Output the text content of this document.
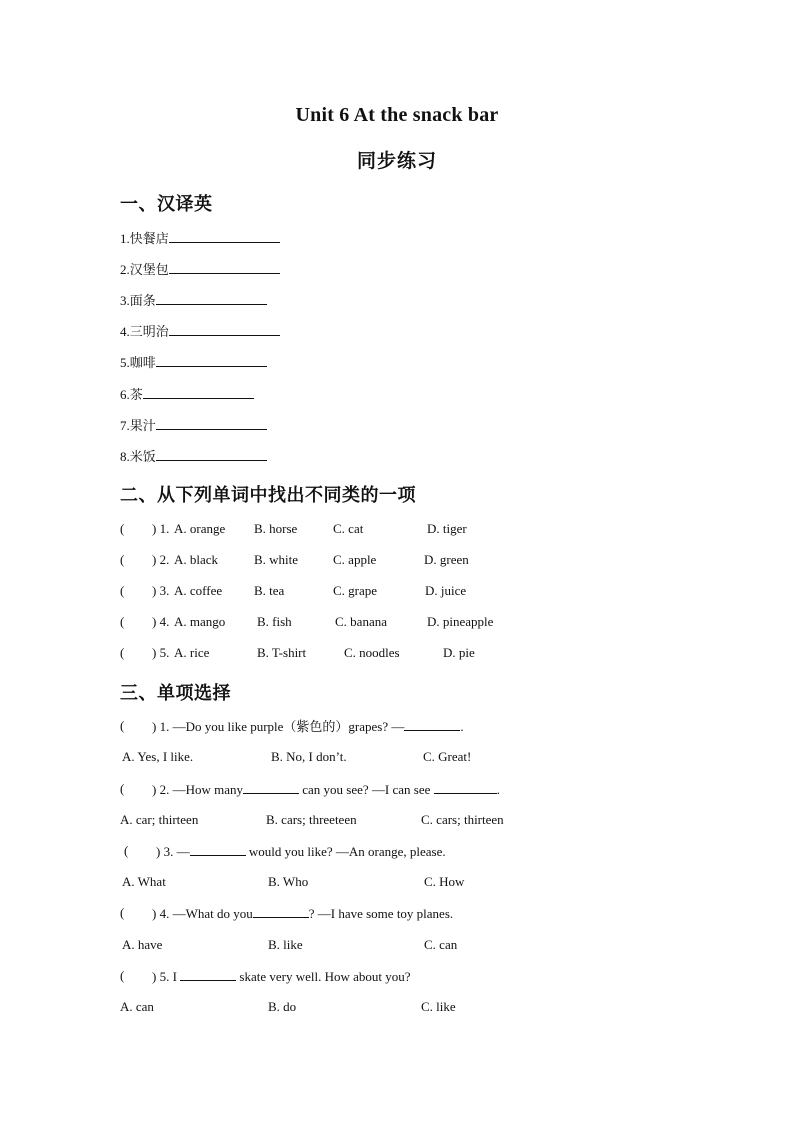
Unit 6 At the snack bar
同步练习
一、汉译英
1.快餐店
2.汉堡包
3.面条
4.三明治
5.咖啡
6.茶
7.果汁
8.米饭
二、从下列单词中找出不同类的一项
( ) 1. A. orange B. horse	C. cat	D. tiger
( ) 2. A. black	B. white	C. apple	D. green
( ) 3. A. coffee B. tea	C. grape	D. juice
( ) 4. A. mango B. fish	C. banana	D. pineapple
( ) 5. A. rice	B. T-shirt	C. noodles	D. pie
三、单项选择
( ) 1. —Do you like purple（紫色的）grapes? —	.
A. Yes, I like.	B. No, I don’t.	C. Great!
( ) 2. —How many	can you see? —I can see	.
A. car; thirteen	B. cars; threeteen	C. cars; thirteen
( ) 3. —	would you like? —An orange, please.
A. What	B. Who	C. How
( ) 4. —What do you	? —I have some toy planes.
A. have	B. like	C. can
( ) 5. I	skate very well. How about you?
A. can	B. do	C. like
